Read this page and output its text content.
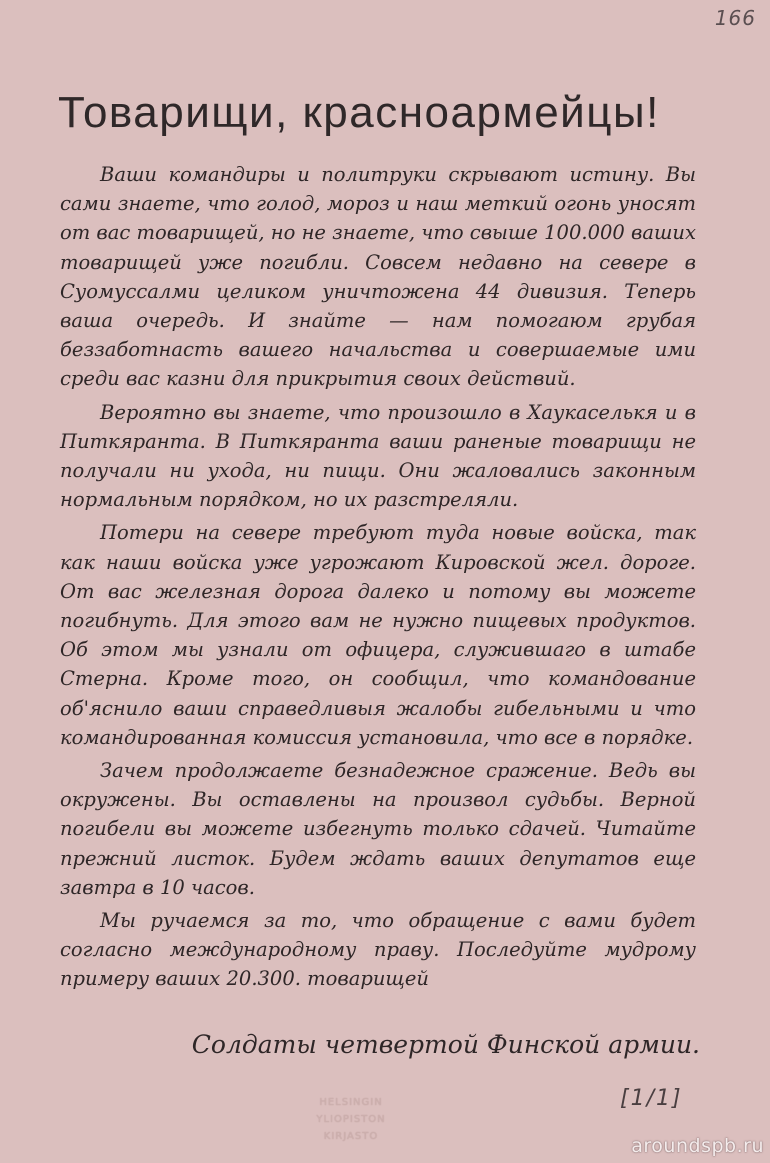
166
Товарищи, красноармейцы!

Ваши командиры и политруки скрывают истину. Вы сами знаете, что голод, мороз и наш меткий огонь уносят от вас товарищей, но не знаете, что свыше 100.000 ваших товарищей уже погибли. Совсем недавно на севере в Суомуссалми целиком уничтожена 44 дивизия. Теперь ваша очередь. И знайте — нам помогаюм грубая беззаботнасть вашего начальства и совершаемые ими среди вас казни для прикрытия своих действий.

Вероятно вы знаете, что произошло в Хаукаселькя и в Питкяранта. В Питкяранта ваши раненые товарищи не получали ни ухода, ни пищи. Они жаловались законным нормальным порядком, но их разстреляли.

Потери на севере требуют туда новые войска, так как наши войска уже угрожают Кировской жел. дороге. От вас железная дорога далеко и потому вы можете погибнуть. Для этого вам не нужно пищевых продуктов. Об этом мы узнали от офицера, служившаго в штабе Стерна. Кроме того, он сообщил, что командование об'яснило ваши справедливыя жалобы гибельными и что командированная комиссия установила, что все в порядке.

Зачем продолжаете безнадежное сражение. Ведь вы окружены. Вы оставлены на произвол судьбы. Верной погибели вы можете избегнуть только сдачей. Читайте прежний листок. Будем ждать ваших депутатов еще завтра в 10 часов.

Мы ручаемся за то, что обращение с вами будет согласно международному праву. Последуйте мудрому примеру ваших 20.300. товарищей

Солдаты четвертой Финской армии.
HELSINGIN
YLIOPISTON
KIRJASTO
[1/1]
aroundspb.ru
